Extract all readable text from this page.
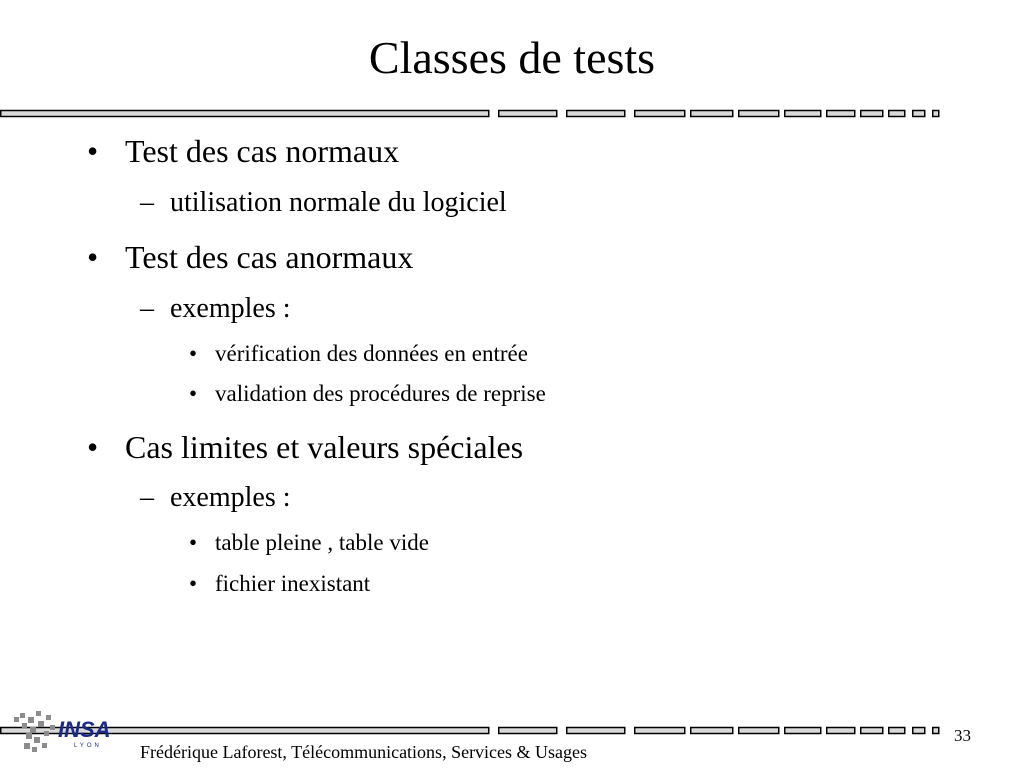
Classes de tests
• Test des cas normaux
– utilisation normale du logiciel
• Test des cas anormaux
– exemples :
• vérification des données en entrée
• validation des procédures de reprise
• Cas limites et valeurs spéciales
– exemples :
• table pleine , table vide
• fichier inexistant
INSA
LYON Frédérique Laforest, Télécommunications, Services & Usages
33
